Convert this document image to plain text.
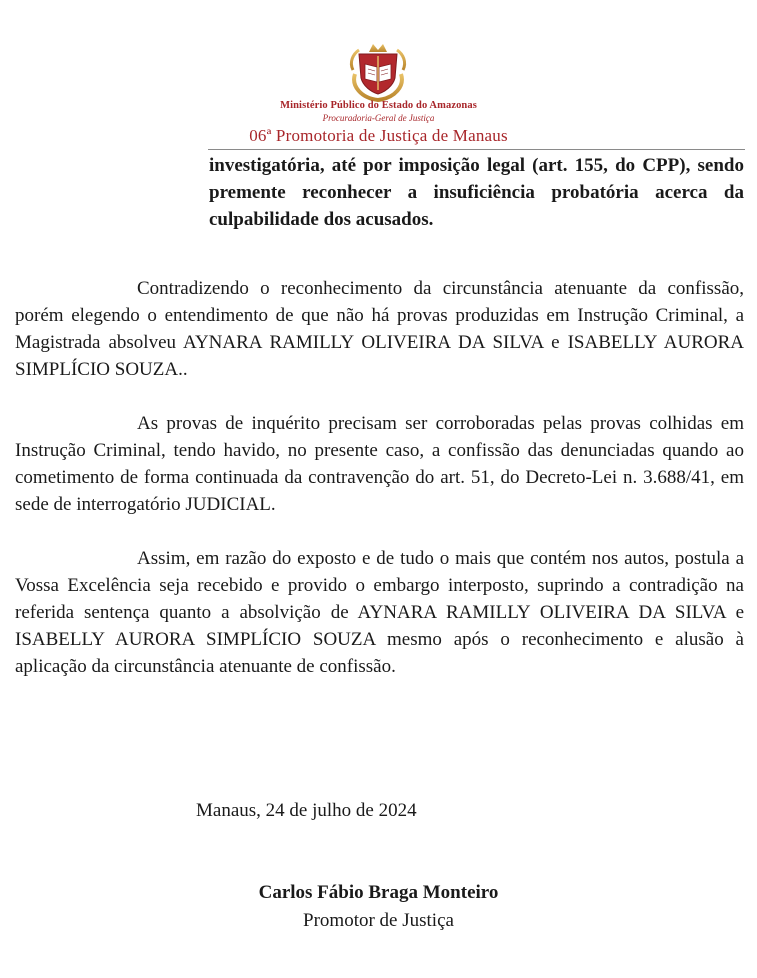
Ministério Público do Estado do Amazonas
Procuradoria-Geral de Justiça
06ª Promotoria de Justiça de Manaus

investigatória, até por imposição legal (art. 155, do CPP), sendo premente reconhecer a insuficiência probatória acerca da culpabilidade dos acusados.

Contradizendo o reconhecimento da circunstância atenuante da confissão, porém elegendo o entendimento de que não há provas produzidas em Instrução Criminal, a Magistrada absolveu AYNARA RAMILLY OLIVEIRA DA SILVA e ISABELLY AURORA SIMPLÍCIO SOUZA..

As provas de inquérito precisam ser corroboradas pelas provas colhidas em Instrução Criminal, tendo havido, no presente caso, a confissão das denunciadas quando ao cometimento de forma continuada da contravenção do art. 51, do Decreto-Lei n. 3.688/41, em sede de interrogatório JUDICIAL.

Assim, em razão do exposto e de tudo o mais que contém nos autos, postula a Vossa Excelência seja recebido e provido o embargo interposto, suprindo a contradição na referida sentença quanto a absolvição de AYNARA RAMILLY OLIVEIRA DA SILVA e ISABELLY AURORA SIMPLÍCIO SOUZA mesmo após o reconhecimento e alusão à aplicação da circunstância atenuante de confissão.

Manaus, 24 de julho de 2024

Carlos Fábio Braga Monteiro

Promotor de Justiça
